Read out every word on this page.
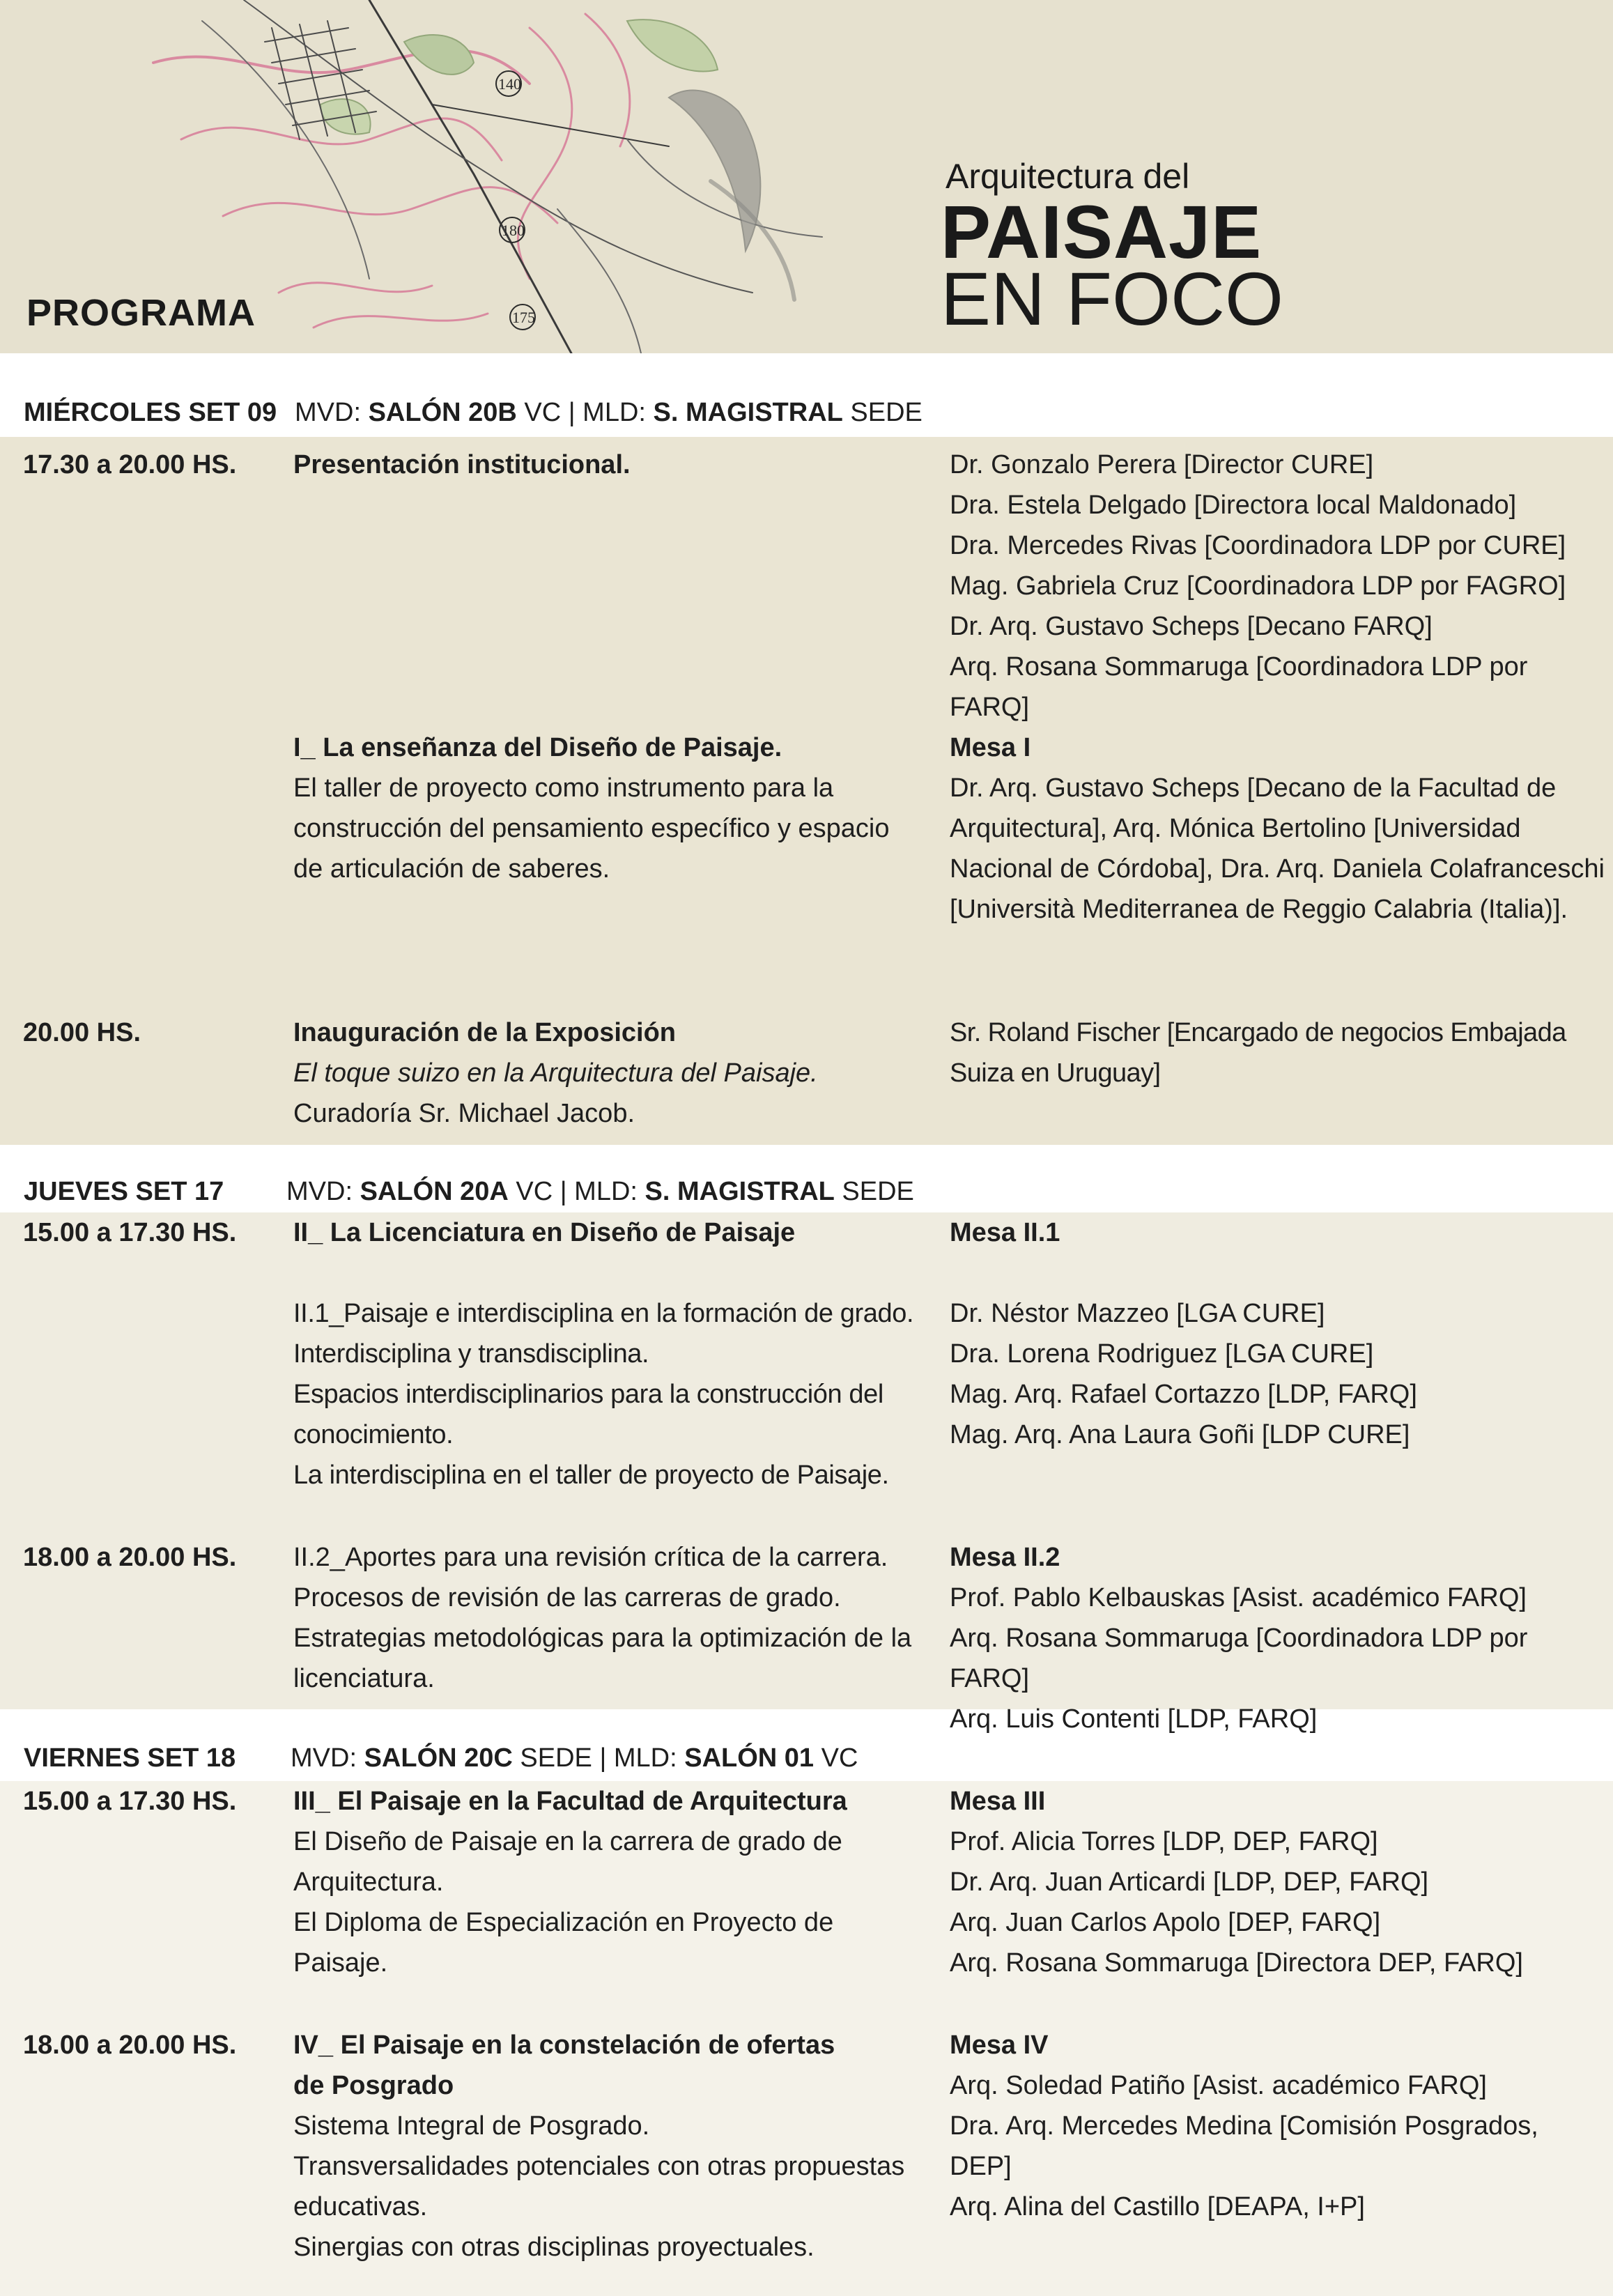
140
180
175
PROGRAMA
Arquitectura del
PAISAJE
EN FOCO
MIÉRCOLES SET 09 MVD: SALÓN 20B VC | MLD: S. MAGISTRAL SEDE
17.30 a 20.00 HS. Presentación institucional.	Dr. Gonzalo Perera [Director CURE]
Dra. Estela Delgado [Directora local Maldonado]
Dra. Mercedes Rivas [Coordinadora LDP por CURE]
Mag. Gabriela Cruz [Coordinadora LDP por FAGRO]
Dr. Arq. Gustavo Scheps [Decano FARQ]
Arq. Rosana Sommaruga [Coordinadora LDP por FARQ]
I_ La enseñanza del Diseño de Paisaje.
El taller de proyecto como instrumento para la
construcción del pensamiento específico y espacio
de articulación de saberes.
Mesa I
Dr. Arq. Gustavo Scheps [Decano de la Facultad de
Arquitectura], Arq. Mónica Bertolino [Universidad
Nacional de Córdoba], Dra. Arq. Daniela Colafranceschi
[Università Mediterranea de Reggio Calabria (Italia)].
20.00 HS.	Inauguración de la Exposición
El toque suizo en la Arquitectura del Paisaje.
Curadoría Sr. Michael Jacob.
Sr. Roland Fischer [Encargado de negocios Embajada
Suiza en Uruguay]
JUEVES SET 17 MVD: SALÓN 20A VC | MLD: S. MAGISTRAL SEDE
15.00 a 17.30 HS. II_ La Licenciatura en Diseño de Paisaje
II.1_Paisaje e interdisciplina en la formación de grado.
Interdisciplina y transdisciplina.
Espacios interdisciplinarios para la construcción del
conocimiento.
La interdisciplina en el taller de proyecto de Paisaje.
Mesa II.1
Dr. Néstor Mazzeo [LGA CURE]
Dra. Lorena Rodriguez [LGA CURE]
Mag. Arq. Rafael Cortazzo [LDP, FARQ]
Mag. Arq. Ana Laura Goñi [LDP CURE]
18.00 a 20.00 HS. II.2_Aportes para una revisión crítica de la carrera.
Procesos de revisión de las carreras de grado.
Estrategias metodológicas para la optimización de la
licenciatura.
Mesa II.2
Prof. Pablo Kelbauskas [Asist. académico FARQ]
Arq. Rosana Sommaruga [Coordinadora LDP por FARQ]
Arq. Luis Contenti [LDP, FARQ]
VIERNES SET 18 MVD: SALÓN 20C SEDE | MLD: SALÓN 01 VC
15.00 a 17.30 HS. III_ El Paisaje en la Facultad de Arquitectura
El Diseño de Paisaje en la carrera de grado de
Arquitectura.
El Diploma de Especialización en Proyecto de Paisaje.
Mesa III
Prof. Alicia Torres [LDP, DEP, FARQ]
Dr. Arq. Juan Articardi [LDP, DEP, FARQ]
Arq. Juan Carlos Apolo [DEP, FARQ]
Arq. Rosana Sommaruga [Directora DEP, FARQ]
18.00 a 20.00 HS. IV_ El Paisaje en la constelación de ofertas
de Posgrado
Sistema Integral de Posgrado.
Transversalidades potenciales con otras propuestas
educativas.
Sinergias con otras disciplinas proyectuales.
Mesa IV
Arq. Soledad Patiño [Asist. académico FARQ]
Dra. Arq. Mercedes Medina [Comisión Posgrados, DEP]
Arq. Alina del Castillo [DEAPA, I+P]
